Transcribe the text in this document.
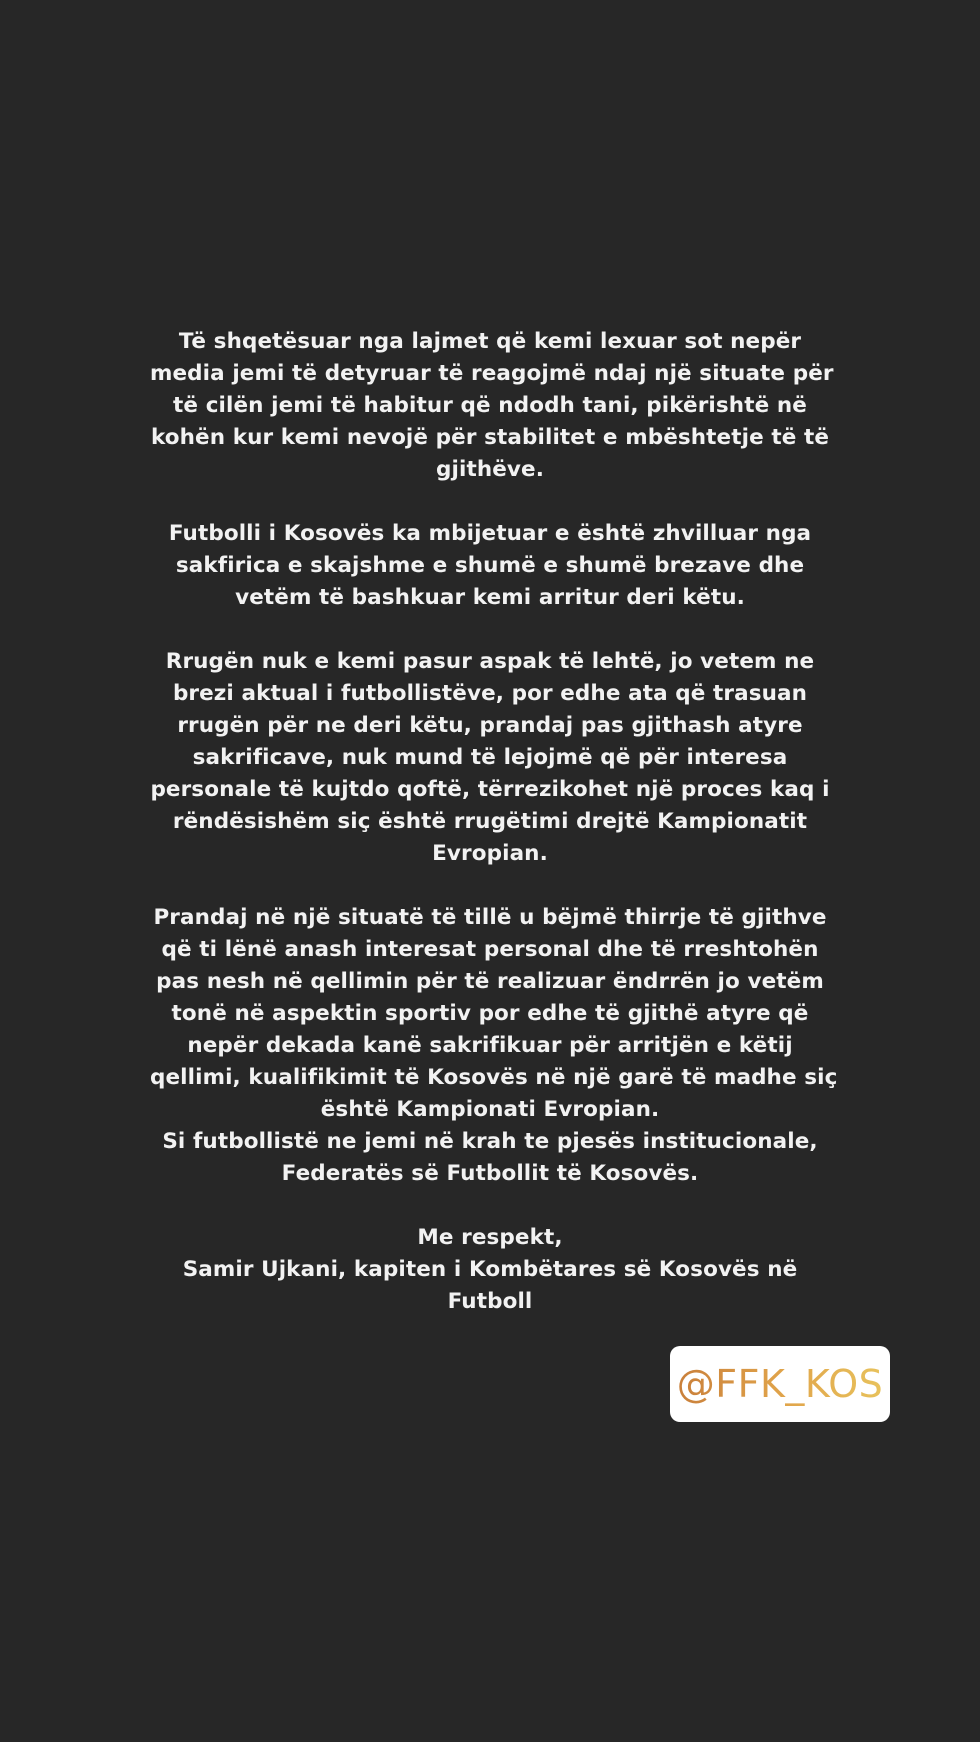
Të shqetësuar nga lajmet që kemi lexuar sot nepër
media jemi të detyruar të reagojmë ndaj një situate për
të cilën jemi të habitur që ndodh tani, pikërishtë në
kohën kur kemi nevojë për stabilitet e mbështetje të të
gjithëve.
Futbolli i Kosovës ka mbijetuar e është zhvilluar nga
sakfirica e skajshme e shumë e shumë brezave dhe
vetëm të bashkuar kemi arritur deri këtu.
Rrugën nuk e kemi pasur aspak të lehtë, jo vetem ne
brezi aktual i futbollistëve, por edhe ata që trasuan
rrugën për ne deri këtu, prandaj pas gjithash atyre
sakrificave, nuk mund të lejojmë që për interesa
personale të kujtdo qoftë, tërrezikohet një proces kaq i
rëndësishëm siç është rrugëtimi drejtë Kampionatit
Evropian.
Prandaj në një situatë të tillë u bëjmë thirrje të gjithve
që ti lënë anash interesat personal dhe të rreshtohën
pas nesh në qellimin për të realizuar ëndrrën jo vetëm
tonë në aspektin sportiv por edhe të gjithë atyre që
nepër dekada kanë sakrifikuar për arritjën e këtij
qellimi, kualifikimit të Kosovës në një garë të madhe siç
është Kampionati Evropian.
Si futbollistë ne jemi në krah te pjesës institucionale,
Federatës së Futbollit të Kosovës.
Me respekt,
Samir Ujkani, kapiten i Kombëtares së Kosovës në
Futboll
@FFK_KOS
